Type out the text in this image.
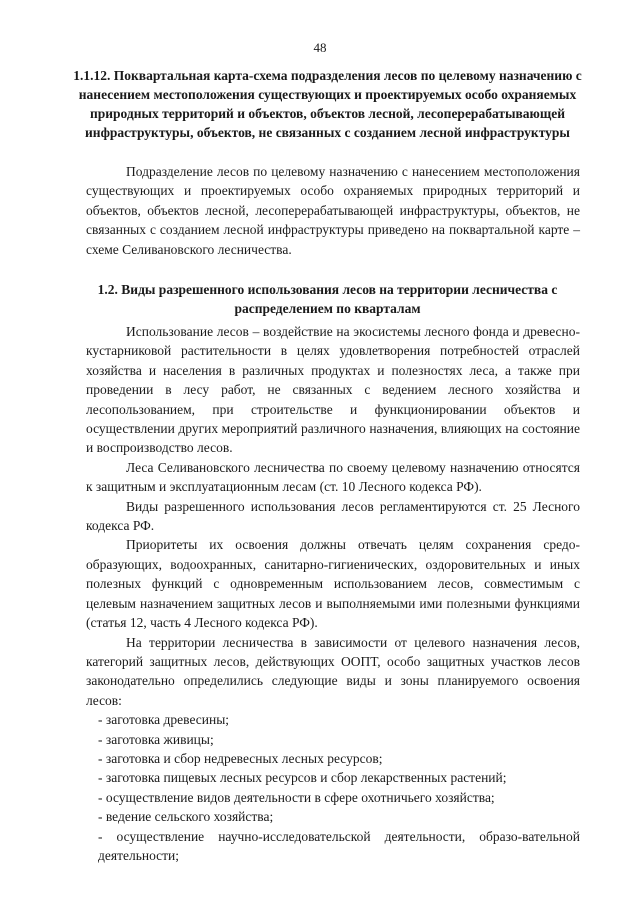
48
1.1.12. Поквартальная карта-схема подразделения лесов по целевому назначению с нанесением местоположения существующих и проектируемых особо охраняемых природных территорий и объектов, объектов лесной, лесоперерабатывающей инфраструктуры, объектов, не связанных с созданием лесной инфраструктуры

Подразделение лесов по целевому назначению с нанесением местоположения существующих и проектируемых особо охраняемых природных территорий и объектов, объектов лесной, лесоперерабатывающей инфраструктуры, объектов, не связанных с созданием лесной инфраструктуры приведено на поквартальной карте – схеме Селивановского лесничества.

1.2. Виды разрешенного использования лесов на территории лесничества с распределением по кварталам

Использование лесов – воздействие на экосистемы лесного фонда и древесно-кустарниковой растительности в целях удовлетворения потребностей отраслей хозяйства и населения в различных продуктах и полезностях леса, а также при проведении в лесу работ, не связанных с ведением лесного хозяйства и лесопользованием, при строительстве и функционировании объектов и осуществлении других мероприятий различного назначения, влияющих на состояние и воспроизводство лесов.

Леса Селивановского лесничества по своему целевому назначению относятся к защитным и эксплуатационным лесам (ст. 10 Лесного кодекса РФ).

Виды разрешенного использования лесов регламентируются ст. 25 Лесного кодекса РФ.

Приоритеты их освоения должны отвечать целям сохранения средо-образующих, водоохранных, санитарно-гигиенических, оздоровительных и иных полезных функций с одновременным использованием лесов, совместимым с целевым назначением защитных лесов и выполняемыми ими полезными функциями (статья 12, часть 4 Лесного кодекса РФ).

На территории лесничества в зависимости от целевого назначения лесов, категорий защитных лесов, действующих ООПТ, особо защитных участков лесов законодательно определились следующие виды и зоны планируемого освоения лесов:

- заготовка древесины;
- заготовка живицы;
- заготовка и сбор недревесных лесных ресурсов;
- заготовка пищевых лесных ресурсов и сбор лекарственных растений;
- осуществление видов деятельности в сфере охотничьего хозяйства;
- ведение сельского хозяйства;
- осуществление научно-исследовательской деятельности, образо-вательной деятельности;
